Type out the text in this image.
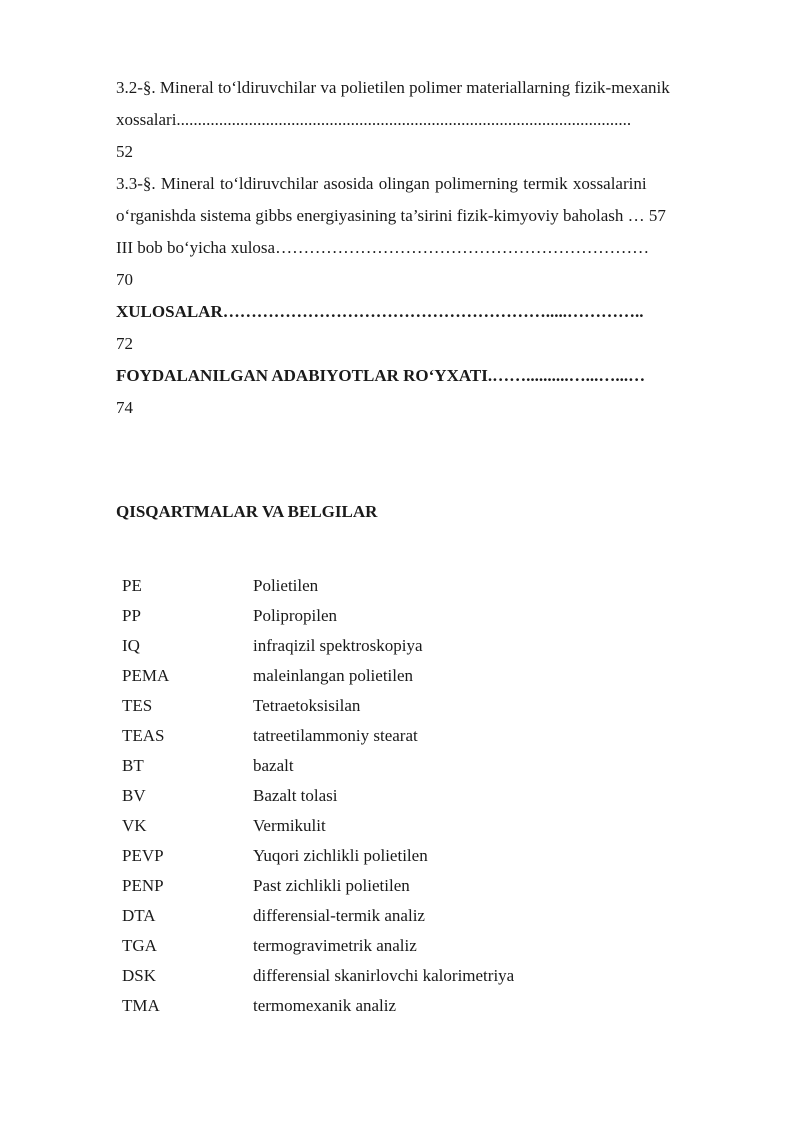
3.2-§. Mineral to‘ldiruvchilar va polietilen polimer materiallarning fizik-mexanik
xossalari...........................................................................................................
52
3.3-§. Mineral to‘ldiruvchilar asosida olingan polimerning termik xossalarini
o‘rganishda sistema gibbs energiyasining ta’sirini fizik-kimyoviy baholash … 57
III bob bo‘yicha xulosa…………………………………………………………
70
XULOSALAR………………………………………………….....…………..
72
FOYDALANILGAN ADABIYOTLAR RO‘YXATI.……..........…...…...…
74
QISQARTMALAR VA BELGILAR
PE	Polietilen
PP	Polipropilen
IQ	infraqizil spektroskopiya
PEMA	maleinlangan polietilen
TES	Tetraetoksisilan
TEAS	tatreetilammoniy stearat
BT	bazalt
BV	Bazalt tolasi
VK	Vermikulit
PEVP	Yuqori zichlikli polietilen
PENP	Past zichlikli polietilen
DTA	differensial-termik analiz
TGA	termogravimetrik analiz
DSK	differensial skanirlovchi kalorimetriya
TMA	termomexanik analiz
